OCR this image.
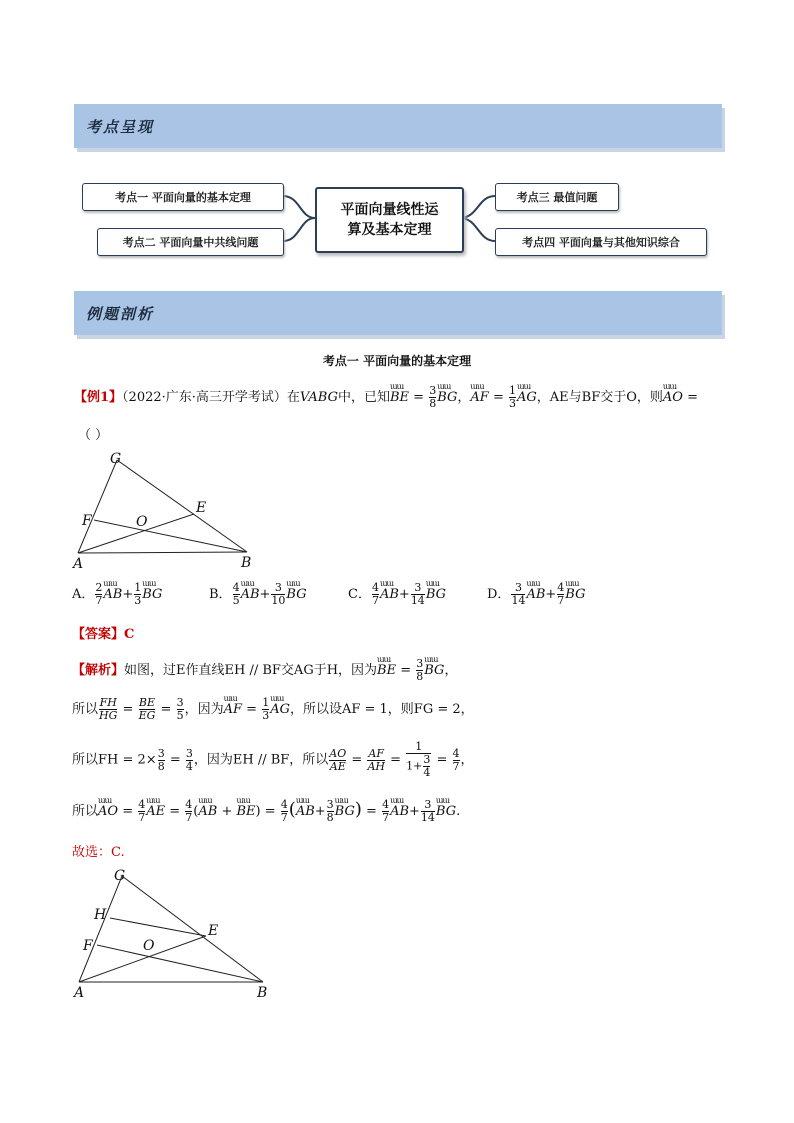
考点呈现
考点一 平面向量的基本定理
考点二 平面向量中共线问题
平面向量线性运
算及基本定理
考点三 最值问题
考点四 平面向量与其他知识综合
例题剖析
考点一 平面向量的基本定理
【例1】（2022·广东·高三开学考试）在VABG中，已知ɯɯ BE = $\frac{3}{8}$ ɯɯ BG，ɯɯ AF = $\frac{1}{3}$ ɯɯ AG，AE与BF交于O，则ɯɯ AO =
（ ）
G
E
F	O
A	B
A． $\frac{2}{7}$ ɯɯ $AB+ \frac{1}{3}$ ɯɯ BG	B． $\frac{4}{5}$ ɯɯ $AB+ \frac{3}{10}$ ɯɯ BG	C． $\frac{4}{7}$ ɯɯ $AB+ \frac{3}{14}$ ɯɯ BG	D． $\frac{3}{14}$ ɯɯ $AB+ \frac{4}{7}$ ɯɯ BG
【答案】C
【解析】如图，过E作直线EH // BF交AG于H，因为ɯɯ BE = $\frac{3}{8}$ ɯɯ BG，
所以 $\frac{FH}{HG} = \frac{BE}{EG} = \frac{3}{5}$ ，因为ɯɯ AF = $\frac{1}{3}$ ɯɯ AG，所以设AF = 1，则FG = 2，
所以FH = $2\times \frac{3}{8} = \frac{3}{4}$ ，因为EH // BF，所以 $\frac{AO}{AE} = \frac{AF}{AH} = \frac{1}{1+ \frac{3}{4}} = \frac{4}{7}$ ，
所以ɯɯ AO = $\frac{4}{7}$ ɯɯ AE = $\frac{4}{7}$ (ɯɯ AB + ɯɯ $BE) = \frac{4}{7}$ (ɯɯ $AB+ \frac{3}{8}$ ɯɯ $BG) = \frac{4}{7}$ ɯɯ $AB+ \frac{3}{14}$ ɯɯ BG.
故选：C.
G
H
E
F	O
A	B
